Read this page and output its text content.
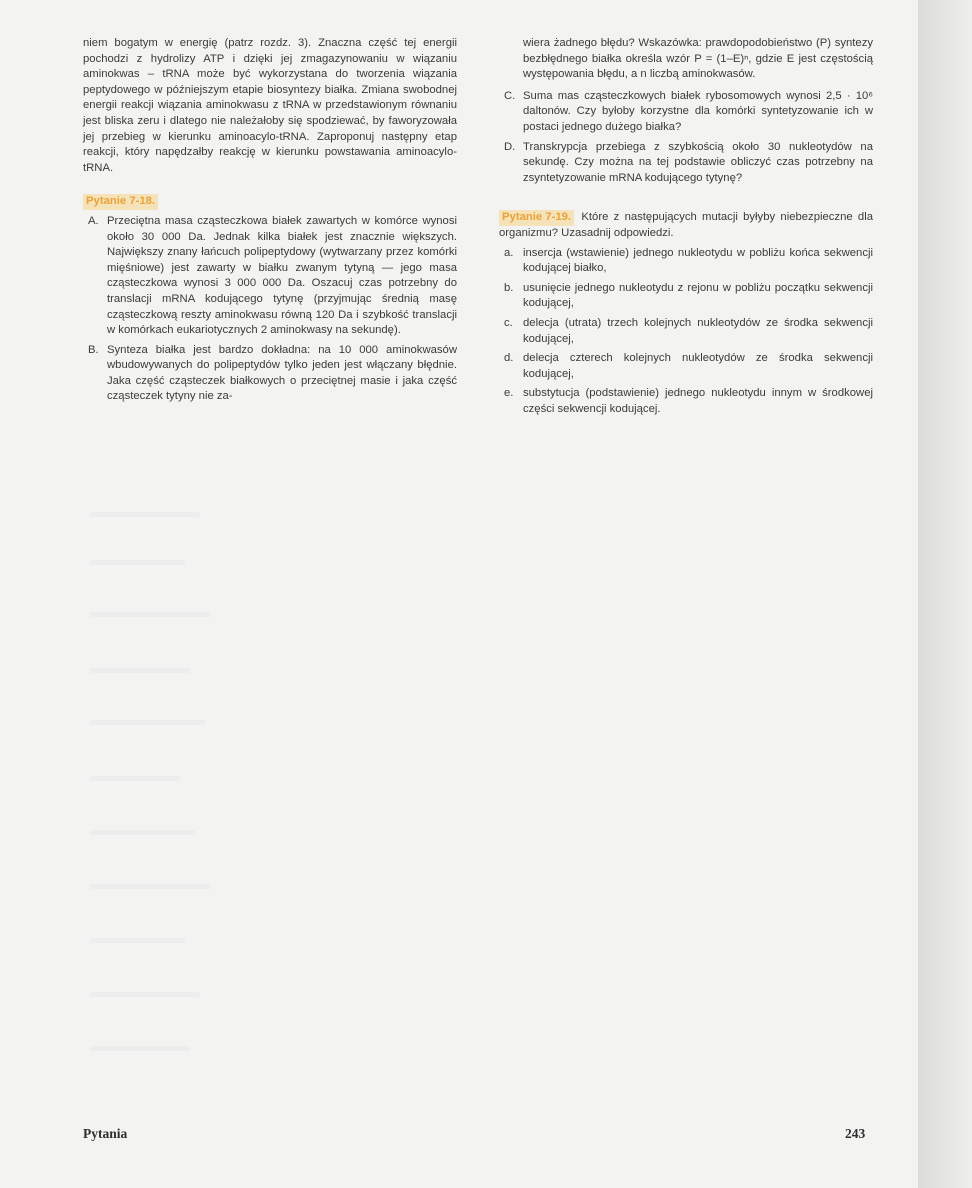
niem bogatym w energię (patrz rozdz. 3). Znaczna część tej energii pochodzi z hydrolizy ATP i dzięki jej zmagazynowaniu w wiązaniu aminokwas – tRNA może być wykorzystana do tworzenia wiązania peptydowego w późniejszym etapie biosyntezy białka. Zmiana swobodnej energii reakcji wiązania aminokwasu z tRNA w przedstawionym równaniu jest bliska zeru i dlatego nie należałoby się spodziewać, by faworyzowała jej przebieg w kierunku aminoacylo-tRNA. Zaproponuj następny etap reakcji, który napędzałby reakcję w kierunku powstawania aminoacylo-tRNA.

Pytanie 7-18.

A. Przeciętna masa cząsteczkowa białek zawartych w komórce wynosi około 30 000 Da. Jednak kilka białek jest znacznie większych. Największy znany łańcuch polipeptydowy (wytwarzany przez komórki mięśniowe) jest zawarty w białku zwanym tytyną — jego masa cząsteczkowa wynosi 3 000 000 Da. Oszacuj czas potrzebny do translacji mRNA kodującego tytynę (przyjmując średnią masę cząsteczkową reszty aminokwasu równą 120 Da i szybkość translacji w komórkach eukariotycznych 2 aminokwasy na sekundę).
B. Synteza białka jest bardzo dokładna: na 10 000 aminokwasów wbudowywanych do polipeptydów tylko jeden jest włączany błędnie. Jaka część cząsteczek białkowych o przeciętnej masie i jaka część cząsteczek tytyny nie za-

wiera żadnego błędu? Wskazówka: prawdopodobieństwo (P) syntezy bezbłędnego białka określa wzór P = (1–E)ⁿ, gdzie E jest częstością występowania błędu, a n liczbą aminokwasów.

C. Suma mas cząsteczkowych białek rybosomowych wynosi 2,5 · 10⁶ daltonów. Czy byłoby korzystne dla komórki syntetyzowanie ich w postaci jednego dużego białka?
D. Transkrypcja przebiega z szybkością około 30 nukleotydów na sekundę. Czy można na tej podstawie obliczyć czas potrzebny na zsyntetyzowanie mRNA kodującego tytynę?

Pytanie 7-19. Które z następujących mutacji byłyby niebezpieczne dla organizmu? Uzasadnij odpowiedzi.

a. insercja (wstawienie) jednego nukleotydu w pobliżu końca sekwencji kodującej białko,
b. usunięcie jednego nukleotydu z rejonu w pobliżu początku sekwencji kodującej,
c. delecja (utrata) trzech kolejnych nukleotydów ze środka sekwencji kodującej,
d. delecja czterech kolejnych nukleotydów ze środka sekwencji kodującej,
e. substytucja (podstawienie) jednego nukleotydu innym w środkowej części sekwencji kodującej.
Pytania	243
